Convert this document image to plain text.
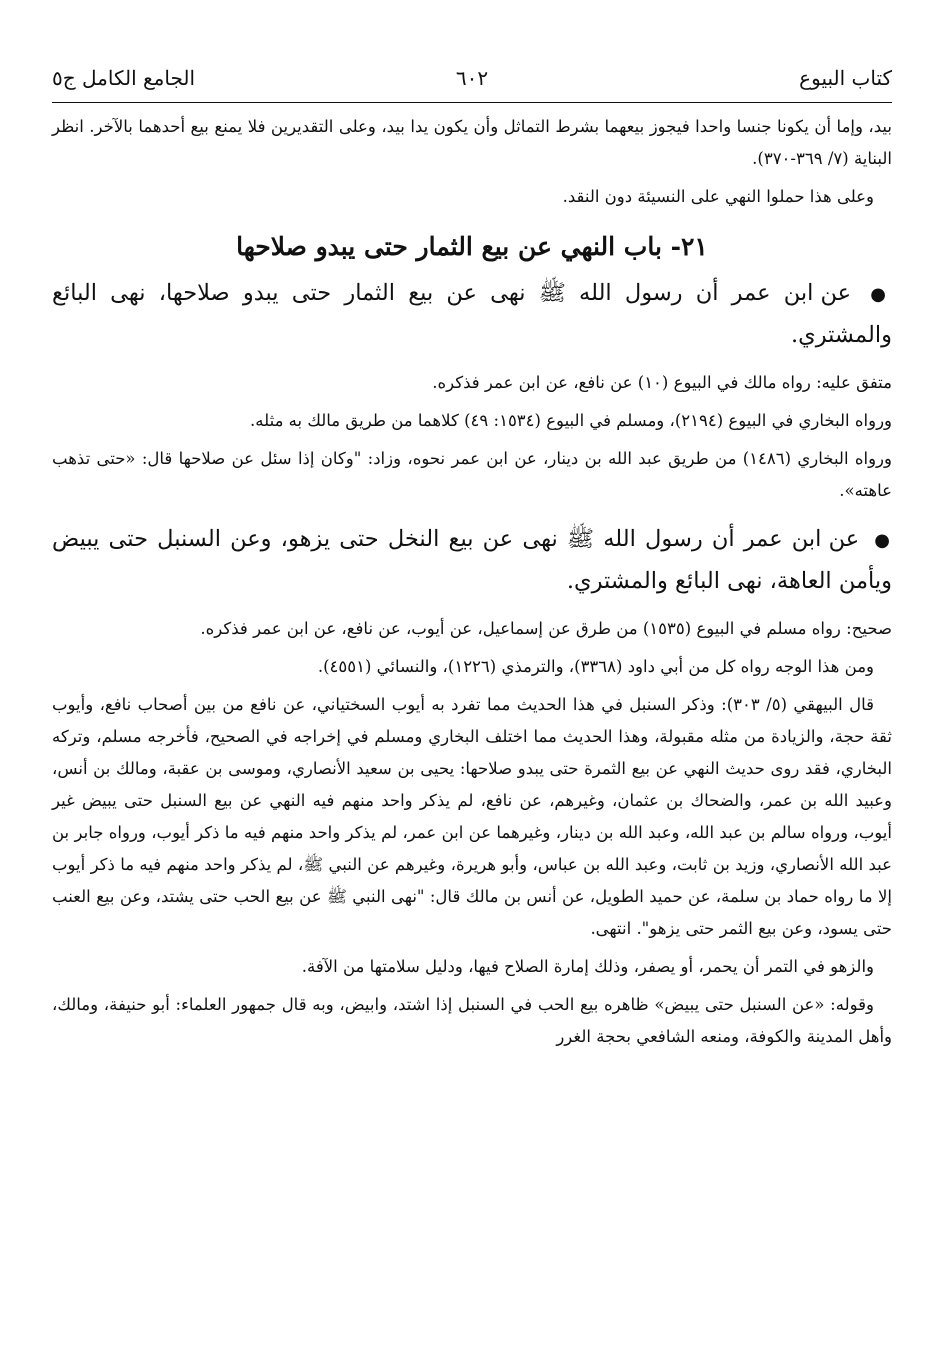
كتاب البيوع
٦٠٢
الجامع الكامل ج٥

بيد، وإما أن يكونا جنسا واحدا فيجوز بيعهما بشرط التماثل وأن يكون يدا بيد، وعلى التقديرين فلا يمنع بيع أحدهما بالآخر. انظر البناية (٧/ ٣٦٩-٣٧٠).

وعلى هذا حملوا النهي على النسيئة دون النقد.

٢١- باب النهي عن بيع الثمار حتى يبدو صلاحها

● عن ابن عمر أن رسول الله ﷺ نهى عن بيع الثمار حتى يبدو صلاحها، نهى البائع والمشتري.

متفق عليه: رواه مالك في البيوع (١٠) عن نافع، عن ابن عمر فذكره.

ورواه البخاري في البيوع (٢١٩٤)، ومسلم في البيوع (١٥٣٤: ٤٩) كلاهما من طريق مالك به مثله.

ورواه البخاري (١٤٨٦) من طريق عبد الله بن دينار، عن ابن عمر نحوه، وزاد: "وكان إذا سئل عن صلاحها قال: «حتى تذهب عاهته».

● عن ابن عمر أن رسول الله ﷺ نهى عن بيع النخل حتى يزهو، وعن السنبل حتى يبيض ويأمن العاهة، نهى البائع والمشتري.

صحيح: رواه مسلم في البيوع (١٥٣٥) من طرق عن إسماعيل، عن أيوب، عن نافع، عن ابن عمر فذكره.

ومن هذا الوجه رواه كل من أبي داود (٣٣٦٨)، والترمذي (١٢٢٦)، والنسائي (٤٥٥١).

قال البيهقي (٥/ ٣٠٣): وذكر السنبل في هذا الحديث مما تفرد به أيوب السختياني، عن نافع من بين أصحاب نافع، وأيوب ثقة حجة، والزيادة من مثله مقبولة، وهذا الحديث مما اختلف البخاري ومسلم في إخراجه في الصحيح، فأخرجه مسلم، وتركه البخاري، فقد روى حديث النهي عن بيع الثمرة حتى يبدو صلاحها: يحيى بن سعيد الأنصاري، وموسى بن عقبة، ومالك بن أنس، وعبيد الله بن عمر، والضحاك بن عثمان، وغيرهم، عن نافع، لم يذكر واحد منهم فيه النهي عن بيع السنبل حتى يبيض غير أيوب، ورواه سالم بن عبد الله، وعبد الله بن دينار، وغيرهما عن ابن عمر، لم يذكر واحد منهم فيه ما ذكر أيوب، ورواه جابر بن عبد الله الأنصاري، وزيد بن ثابت، وعبد الله بن عباس، وأبو هريرة، وغيرهم عن النبي ﷺ، لم يذكر واحد منهم فيه ما ذكر أيوب إلا ما رواه حماد بن سلمة، عن حميد الطويل، عن أنس بن مالك قال: "نهى النبي ﷺ عن بيع الحب حتى يشتد، وعن بيع العنب حتى يسود، وعن بيع الثمر حتى يزهو". انتهى.

والزهو في التمر أن يحمر، أو يصفر، وذلك إمارة الصلاح فيها، ودليل سلامتها من الآفة.

وقوله: «عن السنبل حتى يبيض» ظاهره بيع الحب في السنبل إذا اشتد، وابيض، وبه قال جمهور العلماء: أبو حنيفة، ومالك، وأهل المدينة والكوفة، ومنعه الشافعي بحجة الغرر
